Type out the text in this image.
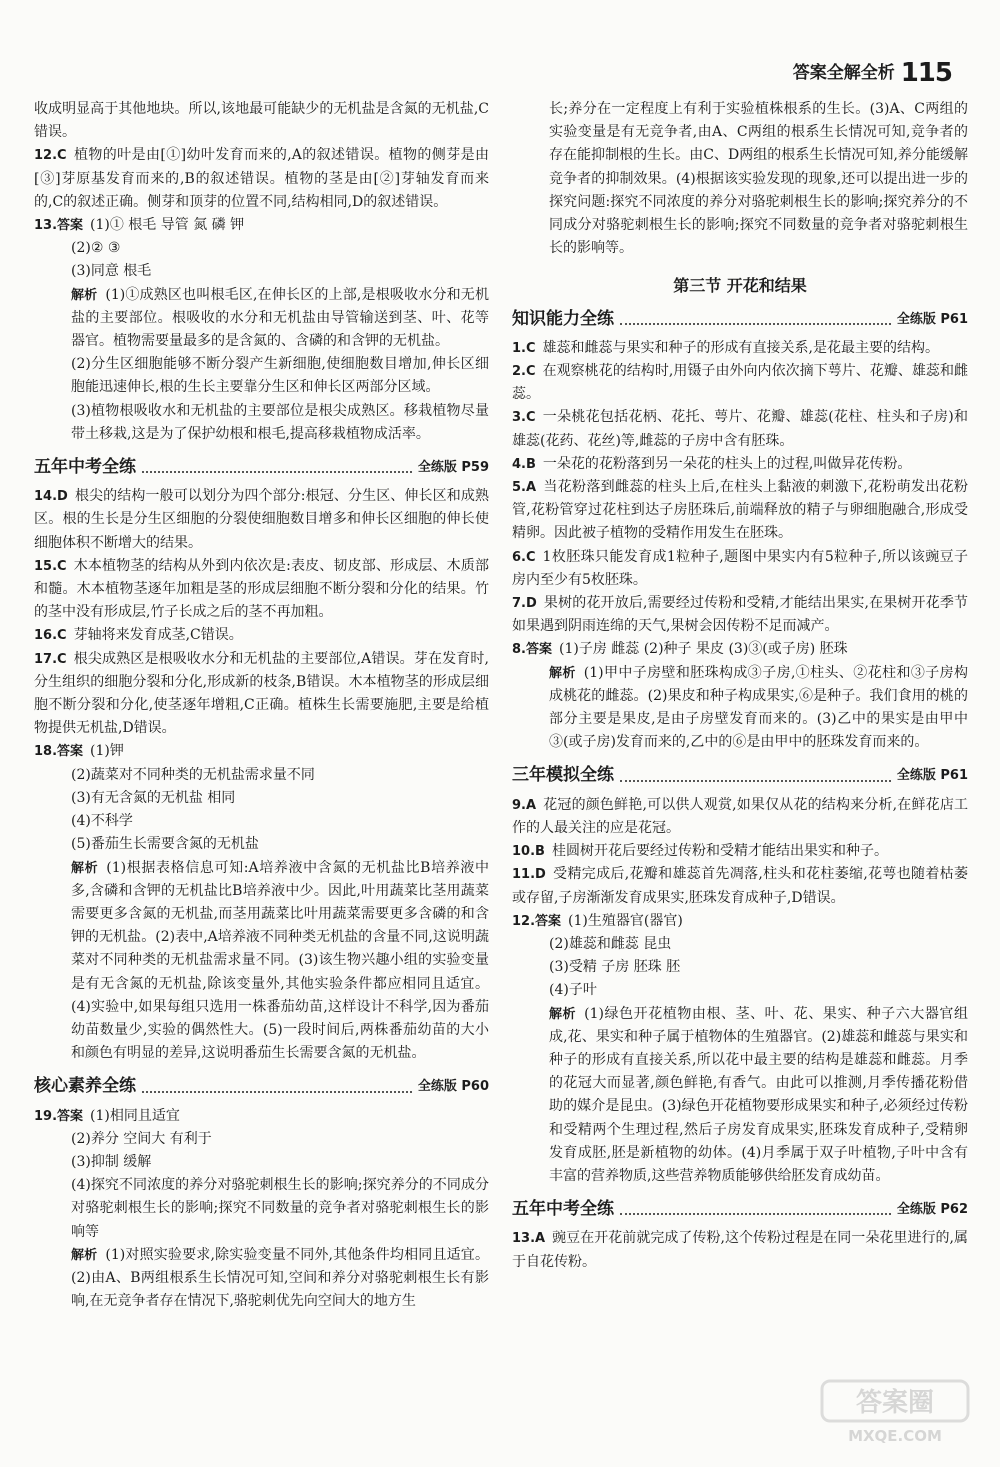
答案全解全析 115
收成明显高于其他地块。所以,该地最可能缺少的无机盐是含氮的无机盐,C错误。
12.C 植物的叶是由[①]幼叶发育而来的,A的叙述错误。植物的侧芽是由[③]芽原基发育而来的,B的叙述错误。植物的茎是由[②]芽轴发育而来的,C的叙述正确。侧芽和顶芽的位置不同,结构相同,D的叙述错误。
13.答案 (1)① 根毛 导管 氮 磷 钾
(2)② ③
(3)同意 根毛
解析 (1)①成熟区也叫根毛区,在伸长区的上部,是根吸收水分和无机盐的主要部位。根吸收的水分和无机盐由导管输送到茎、叶、花等器官。植物需要量最多的是含氮的、含磷的和含钾的无机盐。
(2)分生区细胞能够不断分裂产生新细胞,使细胞数目增加,伸长区细胞能迅速伸长,根的生长主要靠分生区和伸长区两部分区域。
(3)植物根吸收水和无机盐的主要部位是根尖成熟区。移栽植物尽量带土移栽,这是为了保护幼根和根毛,提高移栽植物成活率。
五年中考全练	全练版 P59
14.D 根尖的结构一般可以划分为四个部分:根冠、分生区、伸长区和成熟区。根的生长是分生区细胞的分裂使细胞数目增多和伸长区细胞的伸长使细胞体积不断增大的结果。
15.C 木本植物茎的结构从外到内依次是:表皮、韧皮部、形成层、木质部和髓。木本植物茎逐年加粗是茎的形成层细胞不断分裂和分化的结果。竹的茎中没有形成层,竹子长成之后的茎不再加粗。
16.C 芽轴将来发育成茎,C错误。
17.C 根尖成熟区是根吸收水分和无机盐的主要部位,A错误。芽在发育时,分生组织的细胞分裂和分化,形成新的枝条,B错误。木本植物茎的形成层细胞不断分裂和分化,使茎逐年增粗,C正确。植株生长需要施肥,主要是给植物提供无机盐,D错误。
18.答案 (1)钾
(2)蔬菜对不同种类的无机盐需求量不同
(3)有无含氮的无机盐 相同
(4)不科学
(5)番茄生长需要含氮的无机盐
解析 (1)根据表格信息可知:A培养液中含氮的无机盐比B培养液中多,含磷和含钾的无机盐比B培养液中少。因此,叶用蔬菜比茎用蔬菜需要更多含氮的无机盐,而茎用蔬菜比叶用蔬菜需要更多含磷的和含钾的无机盐。(2)表中,A培养液不同种类无机盐的含量不同,这说明蔬菜对不同种类的无机盐需求量不同。(3)该生物兴趣小组的实验变量是有无含氮的无机盐,除该变量外,其他实验条件都应相同且适宜。(4)实验中,如果每组只选用一株番茄幼苗,这样设计不科学,因为番茄幼苗数量少,实验的偶然性大。(5)一段时间后,两株番茄幼苗的大小和颜色有明显的差异,这说明番茄生长需要含氮的无机盐。
核心素养全练	全练版 P60
19.答案 (1)相同且适宜
(2)养分 空间大 有利于
(3)抑制 缓解
(4)探究不同浓度的养分对骆驼刺根生长的影响;探究养分的不同成分对骆驼刺根生长的影响;探究不同数量的竞争者对骆驼刺根生长的影响等
解析 (1)对照实验要求,除实验变量不同外,其他条件均相同且适宜。(2)由A、B两组根系生长情况可知,空间和养分对骆驼刺根生长有影响,在无竞争者存在情况下,骆驼刺优先向空间大的地方生
长;养分在一定程度上有利于实验植株根系的生长。(3)A、C两组的实验变量是有无竞争者,由A、C两组的根系生长情况可知,竞争者的存在能抑制根的生长。由C、D两组的根系生长情况可知,养分能缓解竞争者的抑制效果。(4)根据该实验发现的现象,还可以提出进一步的探究问题:探究不同浓度的养分对骆驼刺根生长的影响;探究养分的不同成分对骆驼刺根生长的影响;探究不同数量的竞争者对骆驼刺根生长的影响等。
第三节 开花和结果
知识能力全练	全练版 P61
1.C 雄蕊和雌蕊与果实和种子的形成有直接关系,是花最主要的结构。
2.C 在观察桃花的结构时,用镊子由外向内依次摘下萼片、花瓣、雄蕊和雌蕊。
3.C 一朵桃花包括花柄、花托、萼片、花瓣、雄蕊(花柱、柱头和子房)和雄蕊(花药、花丝)等,雌蕊的子房中含有胚珠。
4.B 一朵花的花粉落到另一朵花的柱头上的过程,叫做异花传粉。
5.A 当花粉落到雌蕊的柱头上后,在柱头上黏液的刺激下,花粉萌发出花粉管,花粉管穿过花柱到达子房胚珠后,前端释放的精子与卵细胞融合,形成受精卵。因此被子植物的受精作用发生在胚珠。
6.C 1枚胚珠只能发育成1粒种子,题图中果实内有5粒种子,所以该豌豆子房内至少有5枚胚珠。
7.D 果树的花开放后,需要经过传粉和受精,才能结出果实,在果树开花季节如果遇到阴雨连绵的天气,果树会因传粉不足而减产。
8.答案 (1)子房 雌蕊 (2)种子 果皮 (3)③(或子房) 胚珠
解析 (1)甲中子房壁和胚珠构成③子房,①柱头、②花柱和③子房构成桃花的雌蕊。(2)果皮和种子构成果实,⑥是种子。我们食用的桃的部分主要是果皮,是由子房壁发育而来的。(3)乙中的果实是由甲中③(或子房)发育而来的,乙中的⑥是由甲中的胚珠发育而来的。
三年模拟全练	全练版 P61
9.A 花冠的颜色鲜艳,可以供人观赏,如果仅从花的结构来分析,在鲜花店工作的人最关注的应是花冠。
10.B 桂圆树开花后要经过传粉和受精才能结出果实和种子。
11.D 受精完成后,花瓣和雄蕊首先凋落,柱头和花柱萎缩,花萼也随着枯萎或存留,子房渐渐发育成果实,胚珠发育成种子,D错误。
12.答案 (1)生殖器官(器官)
(2)雄蕊和雌蕊 昆虫
(3)受精 子房 胚珠 胚
(4)子叶
解析 (1)绿色开花植物由根、茎、叶、花、果实、种子六大器官组成,花、果实和种子属于植物体的生殖器官。(2)雄蕊和雌蕊与果实和种子的形成有直接关系,所以花中最主要的结构是雄蕊和雌蕊。月季的花冠大而显著,颜色鲜艳,有香气。由此可以推测,月季传播花粉借助的媒介是昆虫。(3)绿色开花植物要形成果实和种子,必须经过传粉和受精两个生理过程,然后子房发育成果实,胚珠发育成种子,受精卵发育成胚,胚是新植物的幼体。(4)月季属于双子叶植物,子叶中含有丰富的营养物质,这些营养物质能够供给胚发育成幼苗。
五年中考全练	全练版 P62
13.A 豌豆在开花前就完成了传粉,这个传粉过程是在同一朵花里进行的,属于自花传粉。
答案圈
MXQE.COM
